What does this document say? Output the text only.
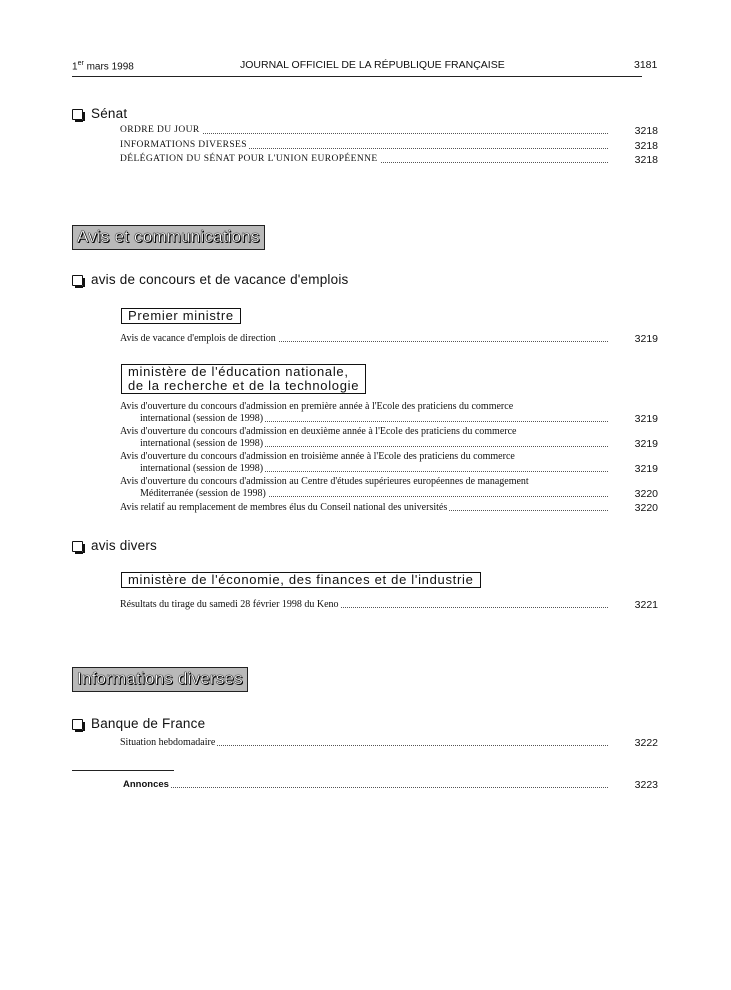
1er mars 1998	JOURNAL OFFICIEL DE LA RÉPUBLIQUE FRANÇAISE	3181
Sénat
ORDRE DU JOUR	3218
INFORMATIONS DIVERSES	3218
DÉLÉGATION DU SÉNAT POUR L'UNION EUROPÉENNE	3218
Avis et communications
avis de concours et de vacance d'emplois
Premier ministre
Avis de vacance d'emplois de direction	3219
ministère de l'éducation nationale,
de la recherche et de la technologie
Avis d'ouverture du concours d'admission en première année à l'Ecole des praticiens du commerce
international (session de 1998)	3219
Avis d'ouverture du concours d'admission en deuxième année à l'Ecole des praticiens du commerce
international (session de 1998)	3219
Avis d'ouverture du concours d'admission en troisième année à l'Ecole des praticiens du commerce
international (session de 1998)	3219
Avis d'ouverture du concours d'admission au Centre d'études supérieures européennes de management
Méditerranée (session de 1998)	3220
Avis relatif au remplacement de membres élus du Conseil national des universités	3220
avis divers
ministère de l'économie, des finances et de l'industrie
Résultats du tirage du samedi 28 février 1998 du Keno	3221
Informations diverses
Banque de France
Situation hebdomadaire	3222
Annonces	3223
